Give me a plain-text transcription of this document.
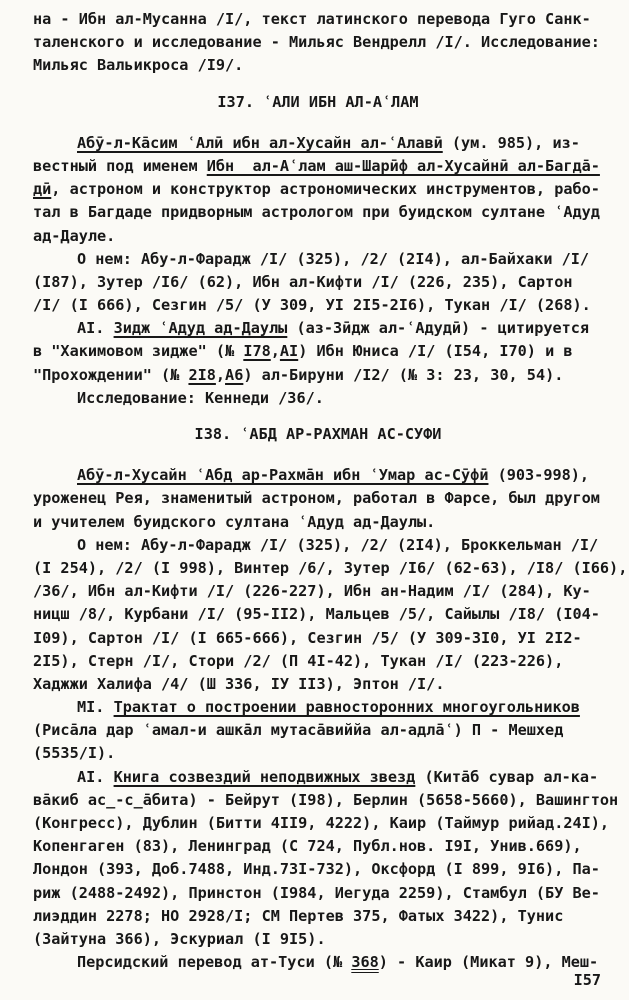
на - Ибн ал-Мусанна /I/, текст латинского перевода Гуго Санк-
таленского и исследование - Мильяс Вендрелл /I/. Исследование:
Мильяс Вальикроса /I9/.
I37. ʿАЛИ ИБН АЛ-АʿЛАМ
Абӯ-л-Ка̄сим ʿАлӣ ибн ал-Хусайн ал-ʿАлавӣ (ум. 985), из-
вестный под именем Ибн  ал-Аʿлам аш-Шарӣф ал-Хусайнӣ ал-Багда̄-
дӣ, астроном и конструктор астрономических инструментов, рабо-
тал в Багдаде придворным астрологом при буидском султане ʿАдуд
ад-Дауле.
О нем: Абу-л-Фарадж /I/ (325), /2/ (2I4), ал-Байхаки /I/
(I87), Зутер /I6/ (62), Ибн ал-Кифти /I/ (226, 235), Сартон
/I/ (I 666), Сезгин /5/ (У 309, УI 2I5-2I6), Тукан /I/ (268).
АI. Зидж ʿАдуд ад-Даулы (аз-Зӣдж ал-ʿАдудӣ) - цитируется
в "Хакимовом зидже" (№ I78,АI) Ибн Юниса /I/ (I54, I70) и в
"Прохождении" (№ 2I8,А6) ал-Бируни /I2/ (№ 3: 23, 30, 54).
Исследование: Кеннеди /36/.
I38. ʿАБД АР-РАХМАН АС-СУФИ
Абӯ-л-Хусайн ʿАбд ар-Рахма̄н ибн ʿУмар ас-Сӯфӣ (903-998),
уроженец Рея, знаменитый астроном, работал в Фарсе, был другом
и учителем буидского султана ʿАдуд ад-Даулы.
О нем: Абу-л-Фарадж /I/ (325), /2/ (2I4), Броккельман /I/
(I 254), /2/ (I 998), Винтер /6/, Зутер /I6/ (62-63), /I8/ (I66),
/36/, Ибн ал-Кифти /I/ (226-227), Ибн ан-Надим /I/ (284), Ку-
ницш /8/, Курбани /I/ (95-II2), Мальцев /5/, Сайылы /I8/ (I04-
I09), Сартон /I/ (I 665-666), Сезгин /5/ (У 309-3I0, УI 2I2-
2I5), Стерн /I/, Стори /2/ (П 4I-42), Тукан /I/ (223-226),
Хаджжи Халифа /4/ (Ш 336, IУ II3), Эптон /I/.
МI. Трактат о построении равносторонних многоугольников
(Риса̄ла дар ʿамал-и ашка̄л мутаса̄виййа ал-адла̄ʿ) П - Мешхед
(5535/I).
АI. Книга созвездий неподвижных звезд (Кита̄б сувар ал-ка-
ва̄киб ас̲-с̲а̄бита) - Бейрут (I98), Берлин (5658-5660), Вашингтон
(Конгресс), Дублин (Битти 4II9, 4222), Каир (Таймур рийад.24I),
Копенгаген (83), Ленинград (С 724, Публ.нов. I9I, Унив.669),
Лондон (393, Доб.7488, Инд.73I-732), Оксфорд (I 899, 9I6), Па-
риж (2488-2492), Принстон (I984, Иегуда 2259), Стамбул (БУ Ве-
лиэддин 2278; НО 2928/I; СМ Пертев 375, Фатых 3422), Тунис
(Зайтуна 366), Эскуриал (I 9I5).
Персидский перевод ат-Туси (№ 368) - Каир (Микат 9), Меш-
I57
